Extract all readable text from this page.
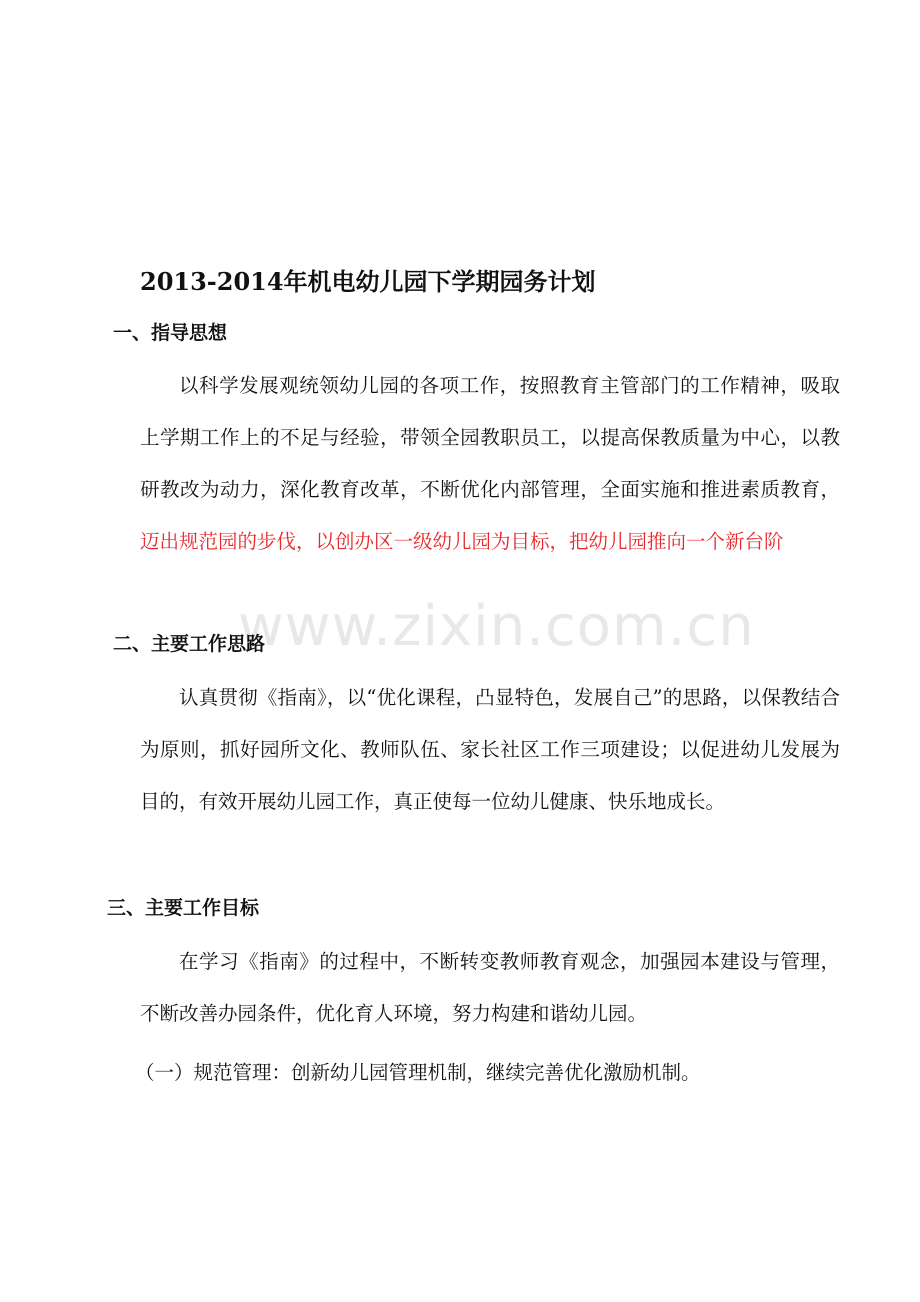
www.zixin.com.cn
2013-2014年机电幼儿园下学期园务计划
一、指导思想
以科学发展观统领幼儿园的各项工作，按照教育主管部门的工作精神，吸取上学期工作上的不足与经验，带领全园教职员工，以提高保教质量为中心，以教研教改为动力，深化教育改革，不断优化内部管理，全面实施和推进素质教育，迈出规范园的步伐，以创办区一级幼儿园为目标，把幼儿园推向一个新台阶
二、主要工作思路
认真贯彻《指南》，以“优化课程，凸显特色，发展自己”的思路，以保教结合为原则，抓好园所文化、教师队伍、家长社区工作三项建设；以促进幼儿发展为目的，有效开展幼儿园工作，真正使每一位幼儿健康、快乐地成长。
三、主要工作目标
在学习《指南》的过程中，不断转变教师教育观念，加强园本建设与管理，不断改善办园条件，优化育人环境，努力构建和谐幼儿园。
（一）规范管理：创新幼儿园管理机制，继续完善优化激励机制。
